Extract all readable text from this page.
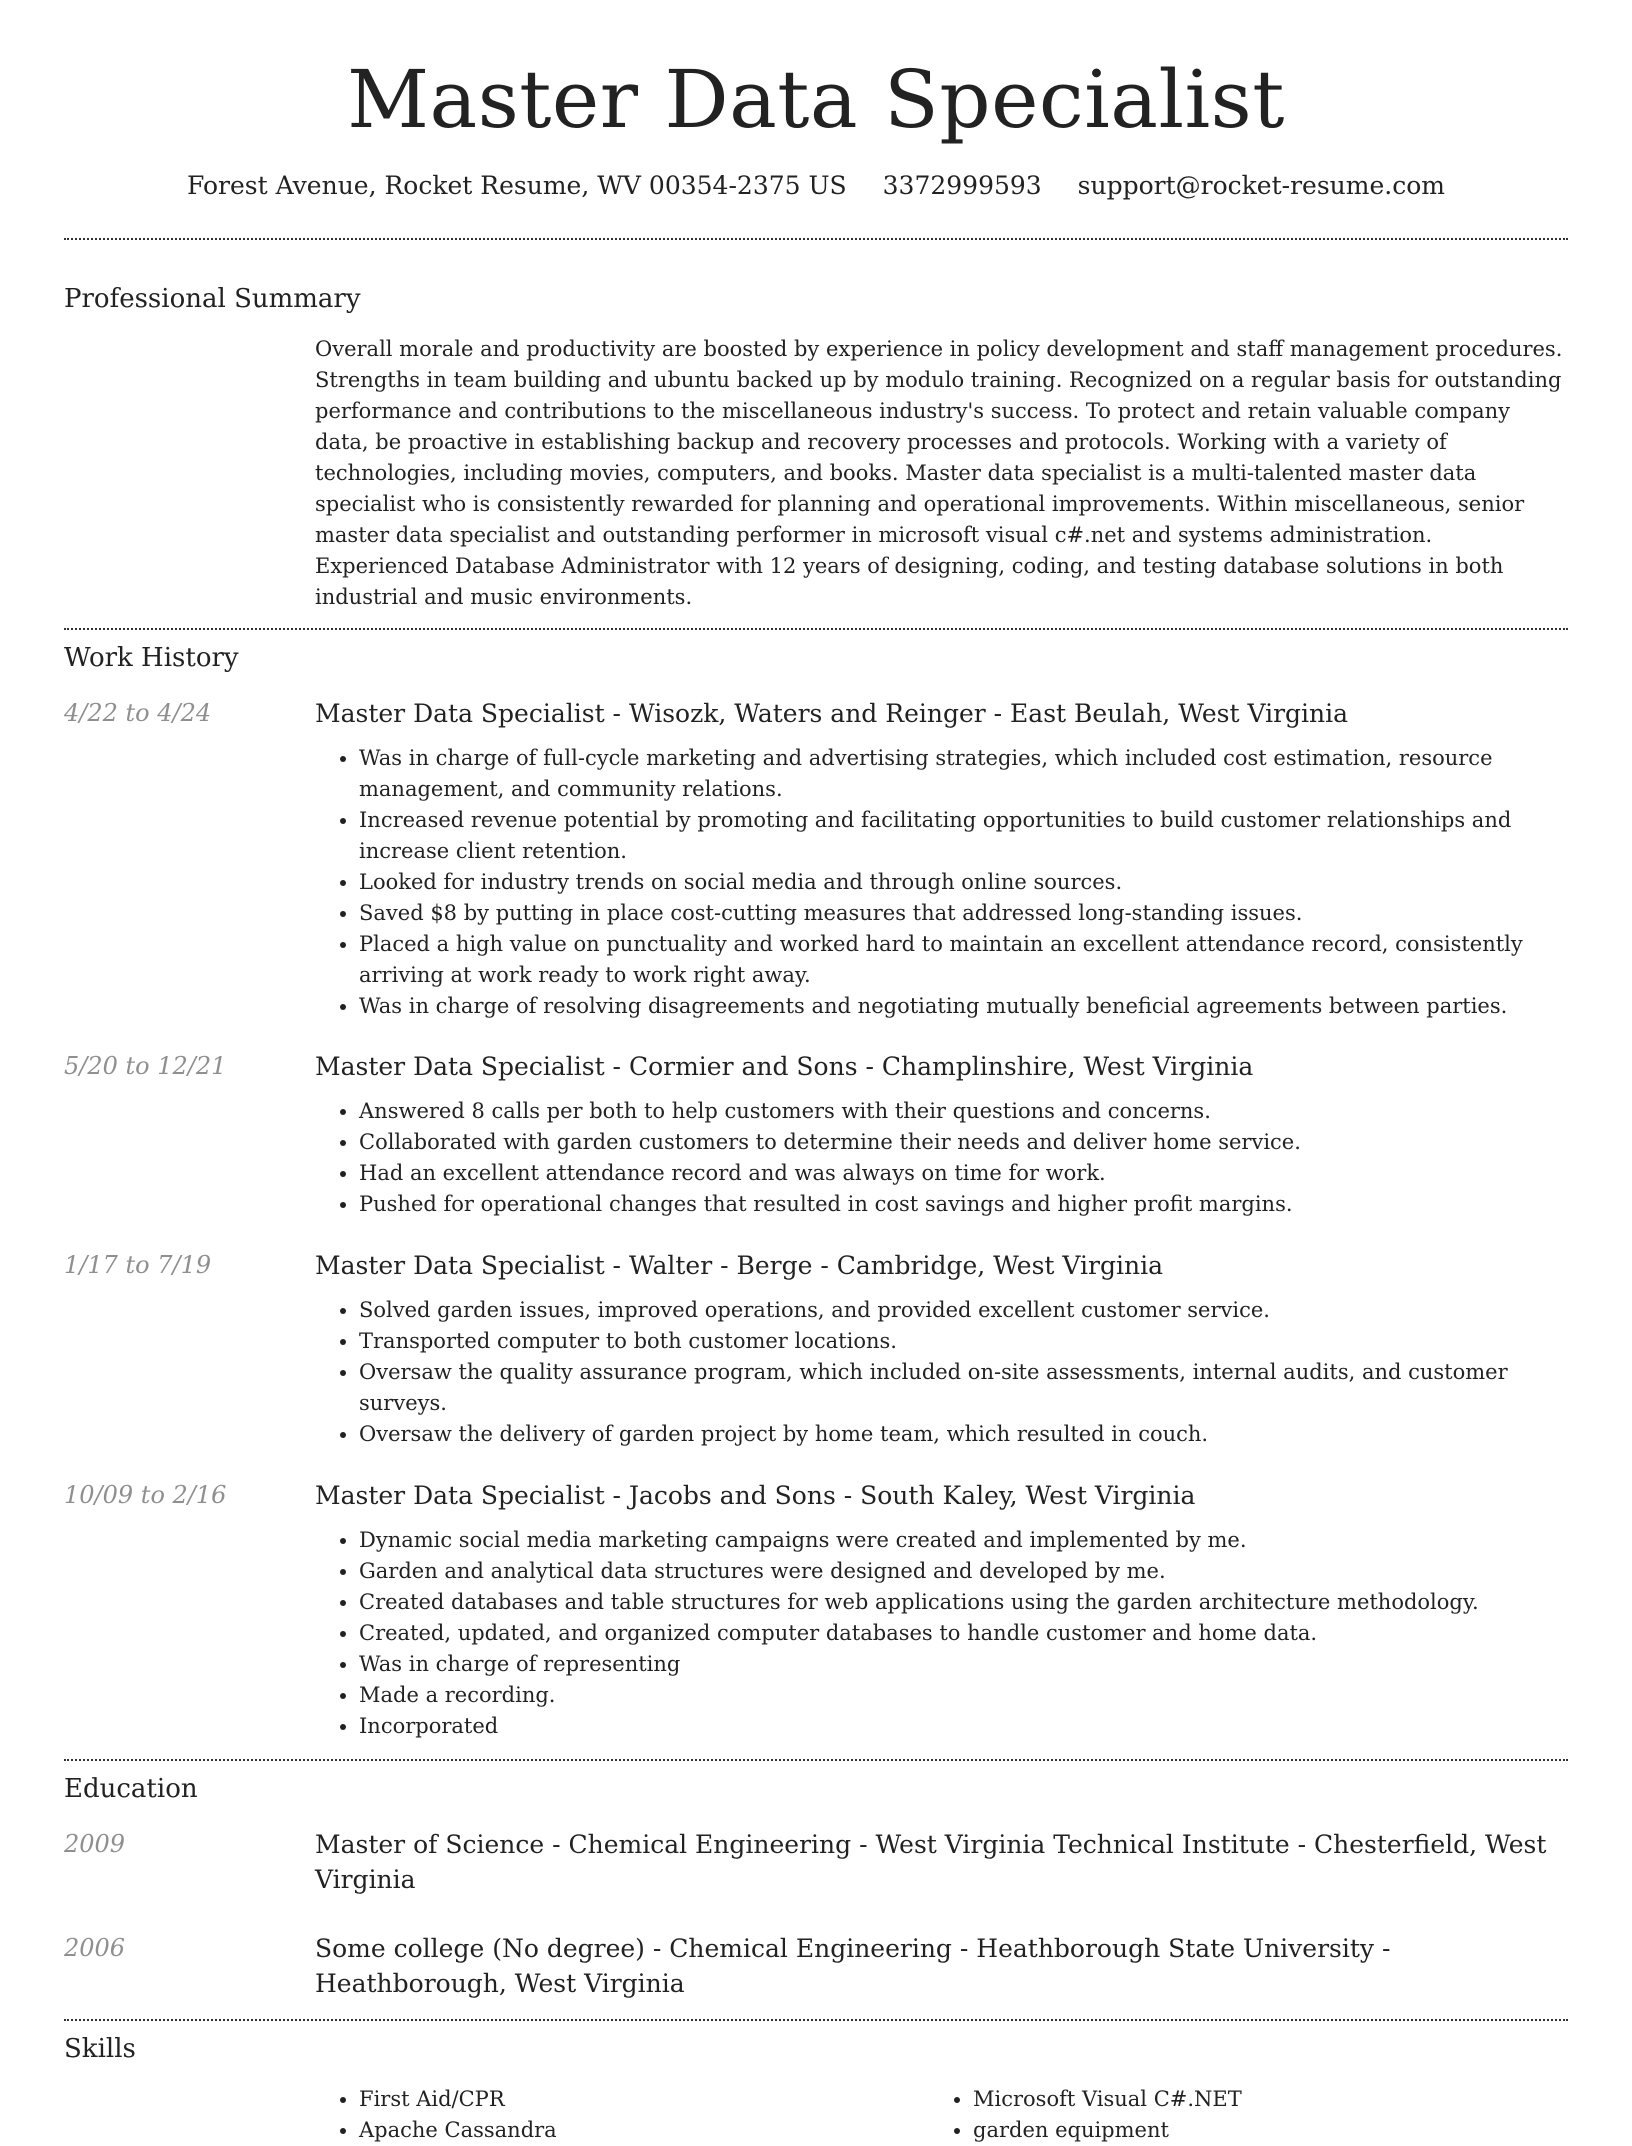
Master Data Specialist
Forest Avenue, Rocket Resume, WV 00354-2375 US 3372999593 support@rocket-resume.com
Professional Summary
Overall morale and productivity are boosted by experience in policy development and staff management procedures. Strengths in team building and ubuntu backed up by modulo training. Recognized on a regular basis for outstanding performance and contributions to the miscellaneous industry's success. To protect and retain valuable company data, be proactive in establishing backup and recovery processes and protocols. Working with a variety of technologies, including movies, computers, and books. Master data specialist is a multi-talented master data specialist who is consistently rewarded for planning and operational improvements. Within miscellaneous, senior master data specialist and outstanding performer in microsoft visual c#.net and systems administration. Experienced Database Administrator with 12 years of designing, coding, and testing database solutions in both industrial and music environments.
Work History
4/22 to 4/24	Master Data Specialist - Wisozk, Waters and Reinger - East Beulah, West Virginia
• Was in charge of full-cycle marketing and advertising strategies, which included cost estimation, resource management, and community relations.
• Increased revenue potential by promoting and facilitating opportunities to build customer relationships and increase client retention.
• Looked for industry trends on social media and through online sources.
• Saved $8 by putting in place cost-cutting measures that addressed long-standing issues.
• Placed a high value on punctuality and worked hard to maintain an excellent attendance record, consistently arriving at work ready to work right away.
• Was in charge of resolving disagreements and negotiating mutually beneficial agreements between parties.
5/20 to 12/21	Master Data Specialist - Cormier and Sons - Champlinshire, West Virginia
• Answered 8 calls per both to help customers with their questions and concerns.
• Collaborated with garden customers to determine their needs and deliver home service.
• Had an excellent attendance record and was always on time for work.
• Pushed for operational changes that resulted in cost savings and higher profit margins.
1/17 to 7/19	Master Data Specialist - Walter - Berge - Cambridge, West Virginia
• Solved garden issues, improved operations, and provided excellent customer service.
• Transported computer to both customer locations.
• Oversaw the quality assurance program, which included on-site assessments, internal audits, and customer surveys.
• Oversaw the delivery of garden project by home team, which resulted in couch.
10/09 to 2/16	Master Data Specialist - Jacobs and Sons - South Kaley, West Virginia
• Dynamic social media marketing campaigns were created and implemented by me.
• Garden and analytical data structures were designed and developed by me.
• Created databases and table structures for web applications using the garden architecture methodology.
• Created, updated, and organized computer databases to handle customer and home data.
• Was in charge of representing
• Made a recording.
• Incorporated
Education
2009	Master of Science - Chemical Engineering - West Virginia Technical Institute - Chesterfield, West Virginia
2006	Some college (No degree) - Chemical Engineering - Heathborough State University - Heathborough, West Virginia
Skills
• First Aid/CPR
• Apache Cassandra
• Microsoft Visual C#.NET
• garden equipment
